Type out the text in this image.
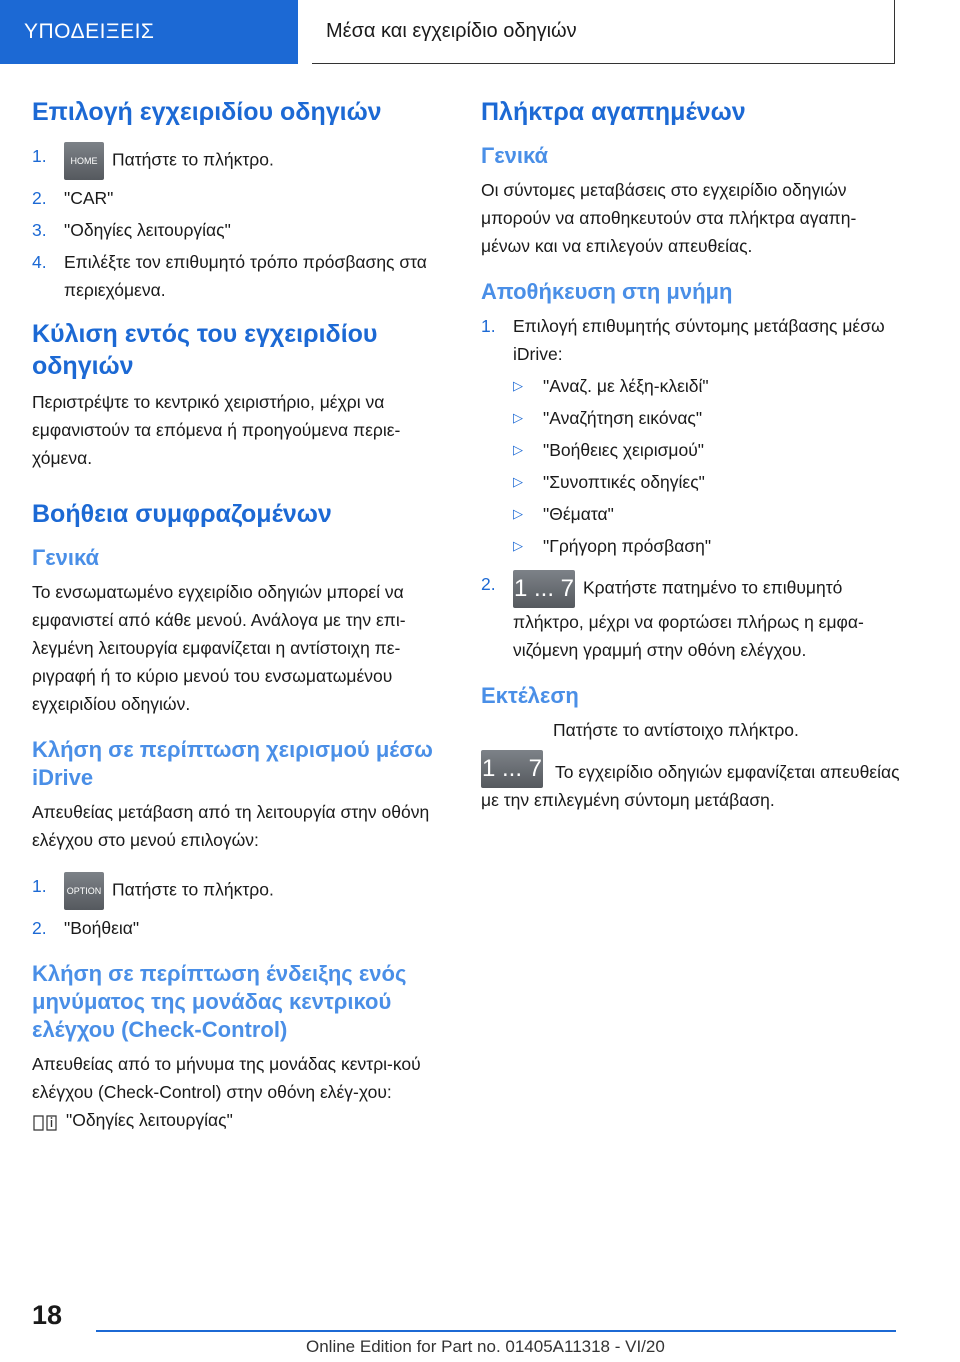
ΥΠΟΔΕΙΞΕΙΣ	Μέσα και εγχειρίδιο οδηγιών
Επιλογή εγχειριδίου οδηγιών
1.	HOME Πατήστε το πλήκτρο.
2. "CAR"
3. "Οδηγίες λειτουργίας"
4. Επιλέξτε τον επιθυμητό τρόπο πρόσβασης στα περιεχόμενα.
Κύλιση εντός του εγχειριδίου οδηγιών

Περιστρέψτε το κεντρικό χειριστήριο, μέχρι να εμφανιστούν τα επόμενα ή προηγούμενα περιε-χόμενα.

Βοήθεια συμφραζομένων
Γενικά

Το ενσωματωμένο εγχειρίδιο οδηγιών μπορεί να εμφανιστεί από κάθε μενού. Ανάλογα με την επι-λεγμένη λειτουργία εμφανίζεται η αντίστοιχη πε-ριγραφή ή το κύριο μενού του ενσωματωμένου εγχειριδίου οδηγιών.

Κλήση σε περίπτωση χειρισμού μέσω iDrive

Απευθείας μετάβαση από τη λειτουργία στην οθόνη ελέγχου στο μενού επιλογών:

1. OPTION Πατήστε το πλήκτρο.
2. "Βοήθεια"
Κλήση σε περίπτωση ένδειξης ενός μηνύματος της μονάδας κεντρικού ελέγχου (Check-Control)

Απευθείας από το μήνυμα της μονάδας κεντρι-κού ελέγχου (Check-Control) στην οθόνη ελέγ-χου:

"Οδηγίες λειτουργίας"

Πλήκτρα αγαπημένων
Γενικά

Οι σύντομες μεταβάσεις στο εγχειρίδιο οδηγιών μπορούν να αποθηκευτούν στα πλήκτρα αγαπη-μένων και να επιλεγούν απευθείας.

Αποθήκευση στη μνήμη
1. Επιλογή επιθυμητής σύντομης μετάβασης μέσω iDrive:
▷ "Αναζ. με λέξη-κλειδί"
▷ "Αναζήτηση εικόνας"
▷ "Βοήθειες χειρισμού"
▷ "Συνοπτικές οδηγίες"
▷ "Θέματα"
▷ "Γρήγορη πρόσβαση"
2. 1 ... 7 Κρατήστε πατημένο το επιθυμητό πλήκτρο, μέχρι να φορτώσει πλήρως η εμφα-νιζόμενη γραμμή στην οθόνη ελέγχου.
Εκτέλεση
1 ... 7

Πατήστε το αντίστοιχο πλήκτρο.

Το εγχειρίδιο οδηγιών εμφανίζεται απευθείας με την επιλεγμένη σύντομη μετάβαση.

18
Online Edition for Part no. 01405A11318 - VI/20
